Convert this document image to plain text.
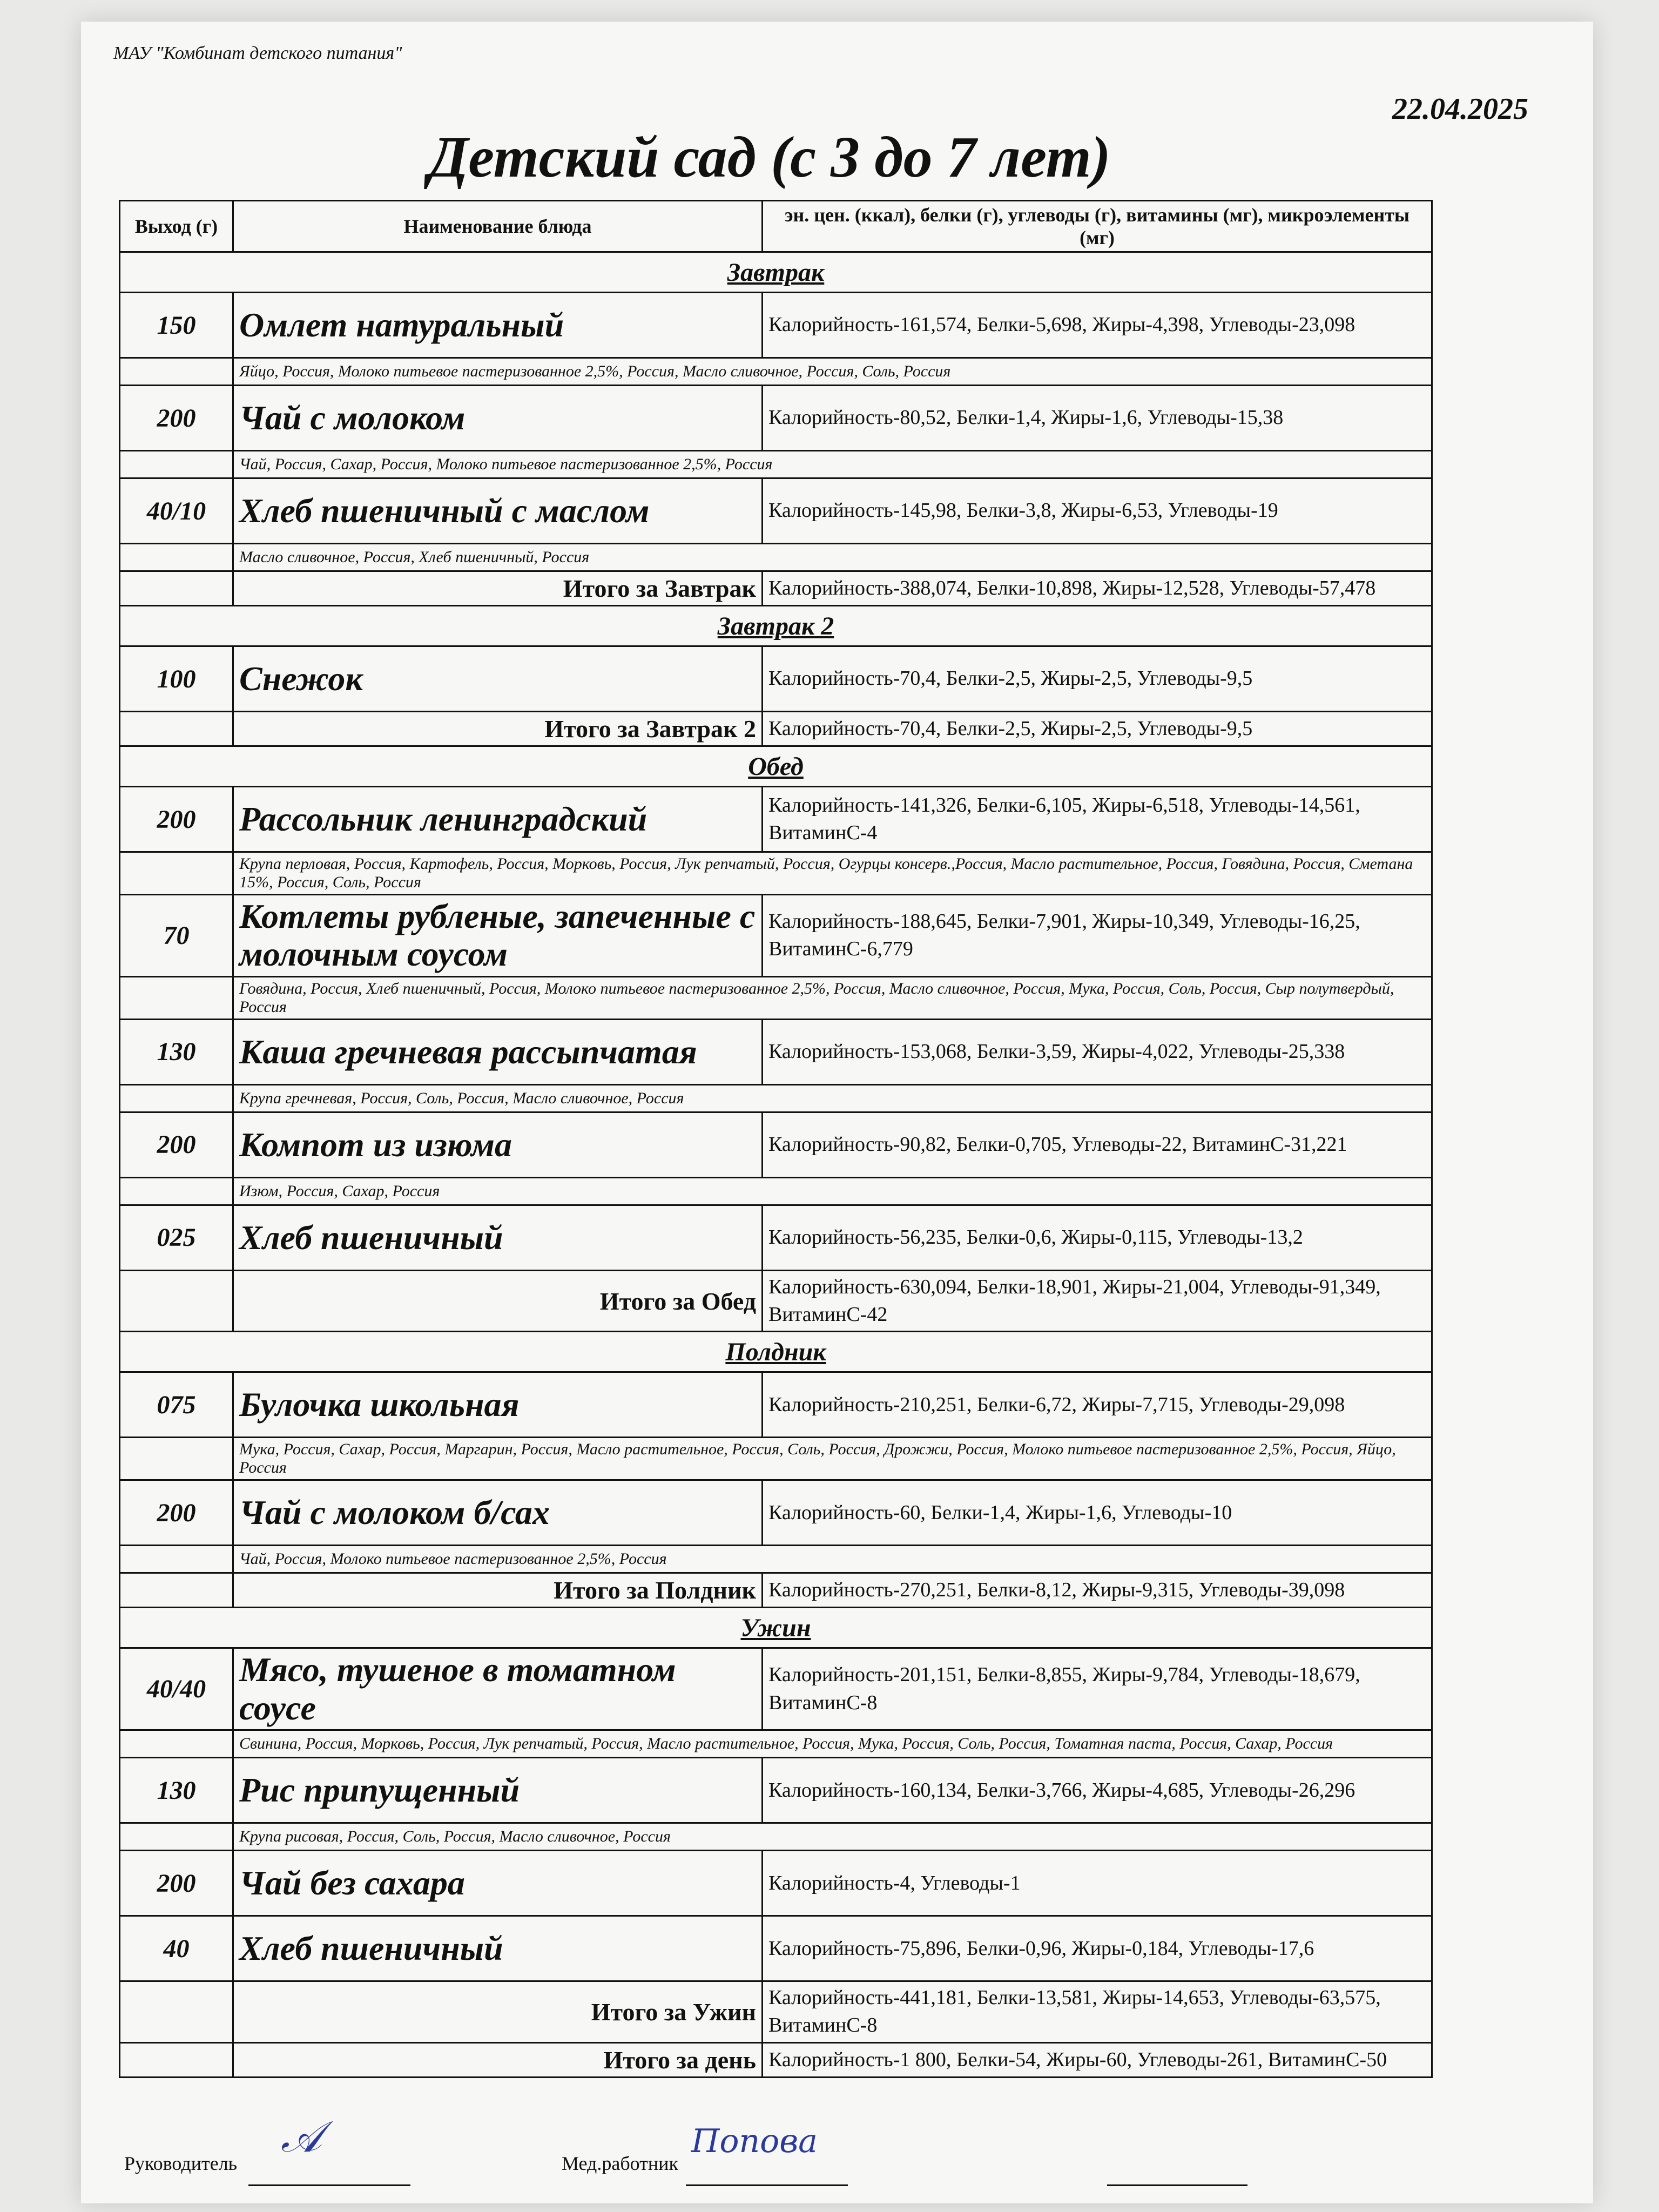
МАУ "Комбинат детского питания"
22.04.2025
Детский сад (с 3 до 7 лет)
Выход (г)	Наименование блюда	эн. цен. (ккал), белки (г), углеводы (г), витамины (мг), микроэлементы (мг)
Завтрак		
150	Омлет натуральный	Калорийность-161,574, Белки-5,698, Жиры-4,398, Углеводы-23,098
	Яйцо, Россия, Молоко питьевое пастеризованное 2,5%, Россия, Масло сливочное, Россия, Соль, Россия	
200	Чай с молоком	Калорийность-80,52, Белки-1,4, Жиры-1,6, Углеводы-15,38
	Чай, Россия, Сахар, Россия, Молоко питьевое пастеризованное 2,5%, Россия	
40/10	Хлеб пшеничный с маслом	Калорийность-145,98, Белки-3,8, Жиры-6,53, Углеводы-19
	Масло сливочное, Россия, Хлеб пшеничный, Россия	
	Итого за Завтрак	Калорийность-388,074, Белки-10,898, Жиры-12,528, Углеводы-57,478
Завтрак 2		
100	Снежок	Калорийность-70,4, Белки-2,5, Жиры-2,5, Углеводы-9,5
	Итого за Завтрак 2	Калорийность-70,4, Белки-2,5, Жиры-2,5, Углеводы-9,5
Обед		
200	Рассольник ленинградский	Калорийность-141,326, Белки-6,105, Жиры-6,518, Углеводы-14,561, ВитаминС-4
	Крупа перловая, Россия, Картофель, Россия, Морковь, Россия, Лук репчатый, Россия, Огурцы консерв.,Россия, Масло растительное, Россия, Говядина, Россия, Сметана 15%, Россия, Соль, Россия	
70	Котлеты рубленые, запеченные с молочным соусом	Калорийность-188,645, Белки-7,901, Жиры-10,349, Углеводы-16,25, ВитаминС-6,779
	Говядина, Россия, Хлеб пшеничный, Россия, Молоко питьевое пастеризованное 2,5%, Россия, Масло сливочное, Россия, Мука, Россия, Соль, Россия, Сыр полутвердый, Россия	
130	Каша гречневая рассыпчатая	Калорийность-153,068, Белки-3,59, Жиры-4,022, Углеводы-25,338
	Крупа гречневая, Россия, Соль, Россия, Масло сливочное, Россия	
200	Компот из изюма	Калорийность-90,82, Белки-0,705, Углеводы-22, ВитаминС-31,221
	Изюм, Россия, Сахар, Россия	
025	Хлеб пшеничный	Калорийность-56,235, Белки-0,6, Жиры-0,115, Углеводы-13,2
	Итого за Обед	Калорийность-630,094, Белки-18,901, Жиры-21,004, Углеводы-91,349, ВитаминС-42
Полдник		
075	Булочка школьная	Калорийность-210,251, Белки-6,72, Жиры-7,715, Углеводы-29,098
	Мука, Россия, Сахар, Россия, Маргарин, Россия, Масло растительное, Россия, Соль, Россия, Дрожжи, Россия, Молоко питьевое пастеризованное 2,5%, Россия, Яйцо, Россия	
200	Чай с молоком б/сах	Калорийность-60, Белки-1,4, Жиры-1,6, Углеводы-10
	Чай, Россия, Молоко питьевое пастеризованное 2,5%, Россия	
	Итого за Полдник	Калорийность-270,251, Белки-8,12, Жиры-9,315, Углеводы-39,098
Ужин		
40/40	Мясо, тушеное в томатном соусе	Калорийность-201,151, Белки-8,855, Жиры-9,784, Углеводы-18,679, ВитаминС-8
	Свинина, Россия, Морковь, Россия, Лук репчатый, Россия, Масло растительное, Россия, Мука, Россия, Соль, Россия, Томатная паста, Россия, Сахар, Россия	
130	Рис припущенный	Калорийность-160,134, Белки-3,766, Жиры-4,685, Углеводы-26,296
	Крупа рисовая, Россия, Соль, Россия, Масло сливочное, Россия	
200	Чай без сахара	Калорийность-4, Углеводы-1
40	Хлеб пшеничный	Калорийность-75,896, Белки-0,96, Жиры-0,184, Углеводы-17,6
	Итого за Ужин	Калорийность-441,181, Белки-13,581, Жиры-14,653, Углеводы-63,575, ВитаминС-8
	Итого за день	Калорийность-1 800, Белки-54, Жиры-60, Углеводы-261, ВитаминС-50
Руководитель
𝒜
Мед.работник
Попова
